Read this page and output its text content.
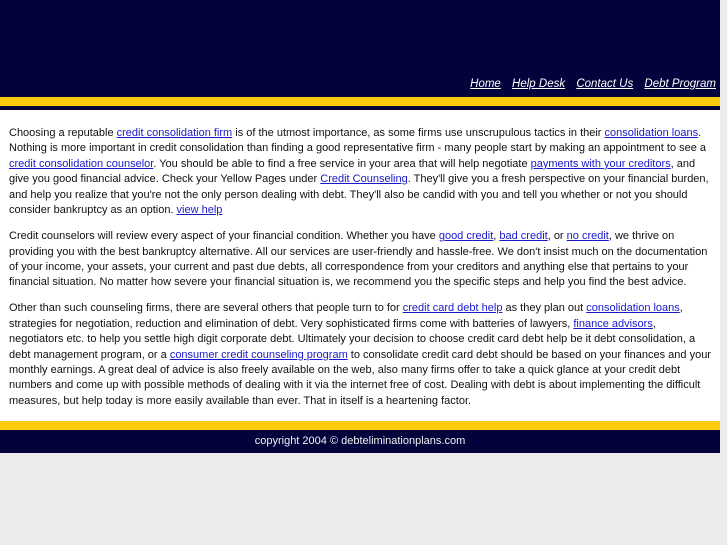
Home Help Desk Contact Us Debt Program

Choosing a reputable credit consolidation firm is of the utmost importance, as some firms use unscrupulous tactics in their consolidation loans. Nothing is more important in credit consolidation than finding a good representative firm - many people start by making an appointment to see a credit consolidation counselor. You should be able to find a free service in your area that will help negotiate payments with your creditors, and give you good financial advice. Check your Yellow Pages under Credit Counseling. They'll give you a fresh perspective on your financial burden, and help you realize that you're not the only person dealing with debt. They'll also be candid with you and tell you whether or not you should consider bankruptcy as an option. view help

Credit counselors will review every aspect of your financial condition. Whether you have good credit, bad credit, or no credit, we thrive on providing you with the best bankruptcy alternative. All our services are user-friendly and hassle-free. We don't insist much on the documentation of your income, your assets, your current and past due debts, all correspondence from your creditors and anything else that pertains to your financial situation. No matter how severe your financial situation is, we recommend you the specific steps and help you find the best advice.

Other than such counseling firms, there are several others that people turn to for credit card debt help as they plan out consolidation loans, strategies for negotiation, reduction and elimination of debt. Very sophisticated firms come with batteries of lawyers, finance advisors, negotiators etc. to help you settle high digit corporate debt. Ultimately your decision to choose credit card debt help be it debt consolidation, a debt management program, or a consumer credit counseling program to consolidate credit card debt should be based on your finances and your monthly earnings. A great deal of advice is also freely available on the web, also many firms offer to take a quick glance at your credit debt numbers and come up with possible methods of dealing with it via the internet free of cost. Dealing with debt is about implementing the difficult measures, but help today is more easily available than ever. That in itself is a heartening factor.

copyright 2004 © debteliminationplans.com
